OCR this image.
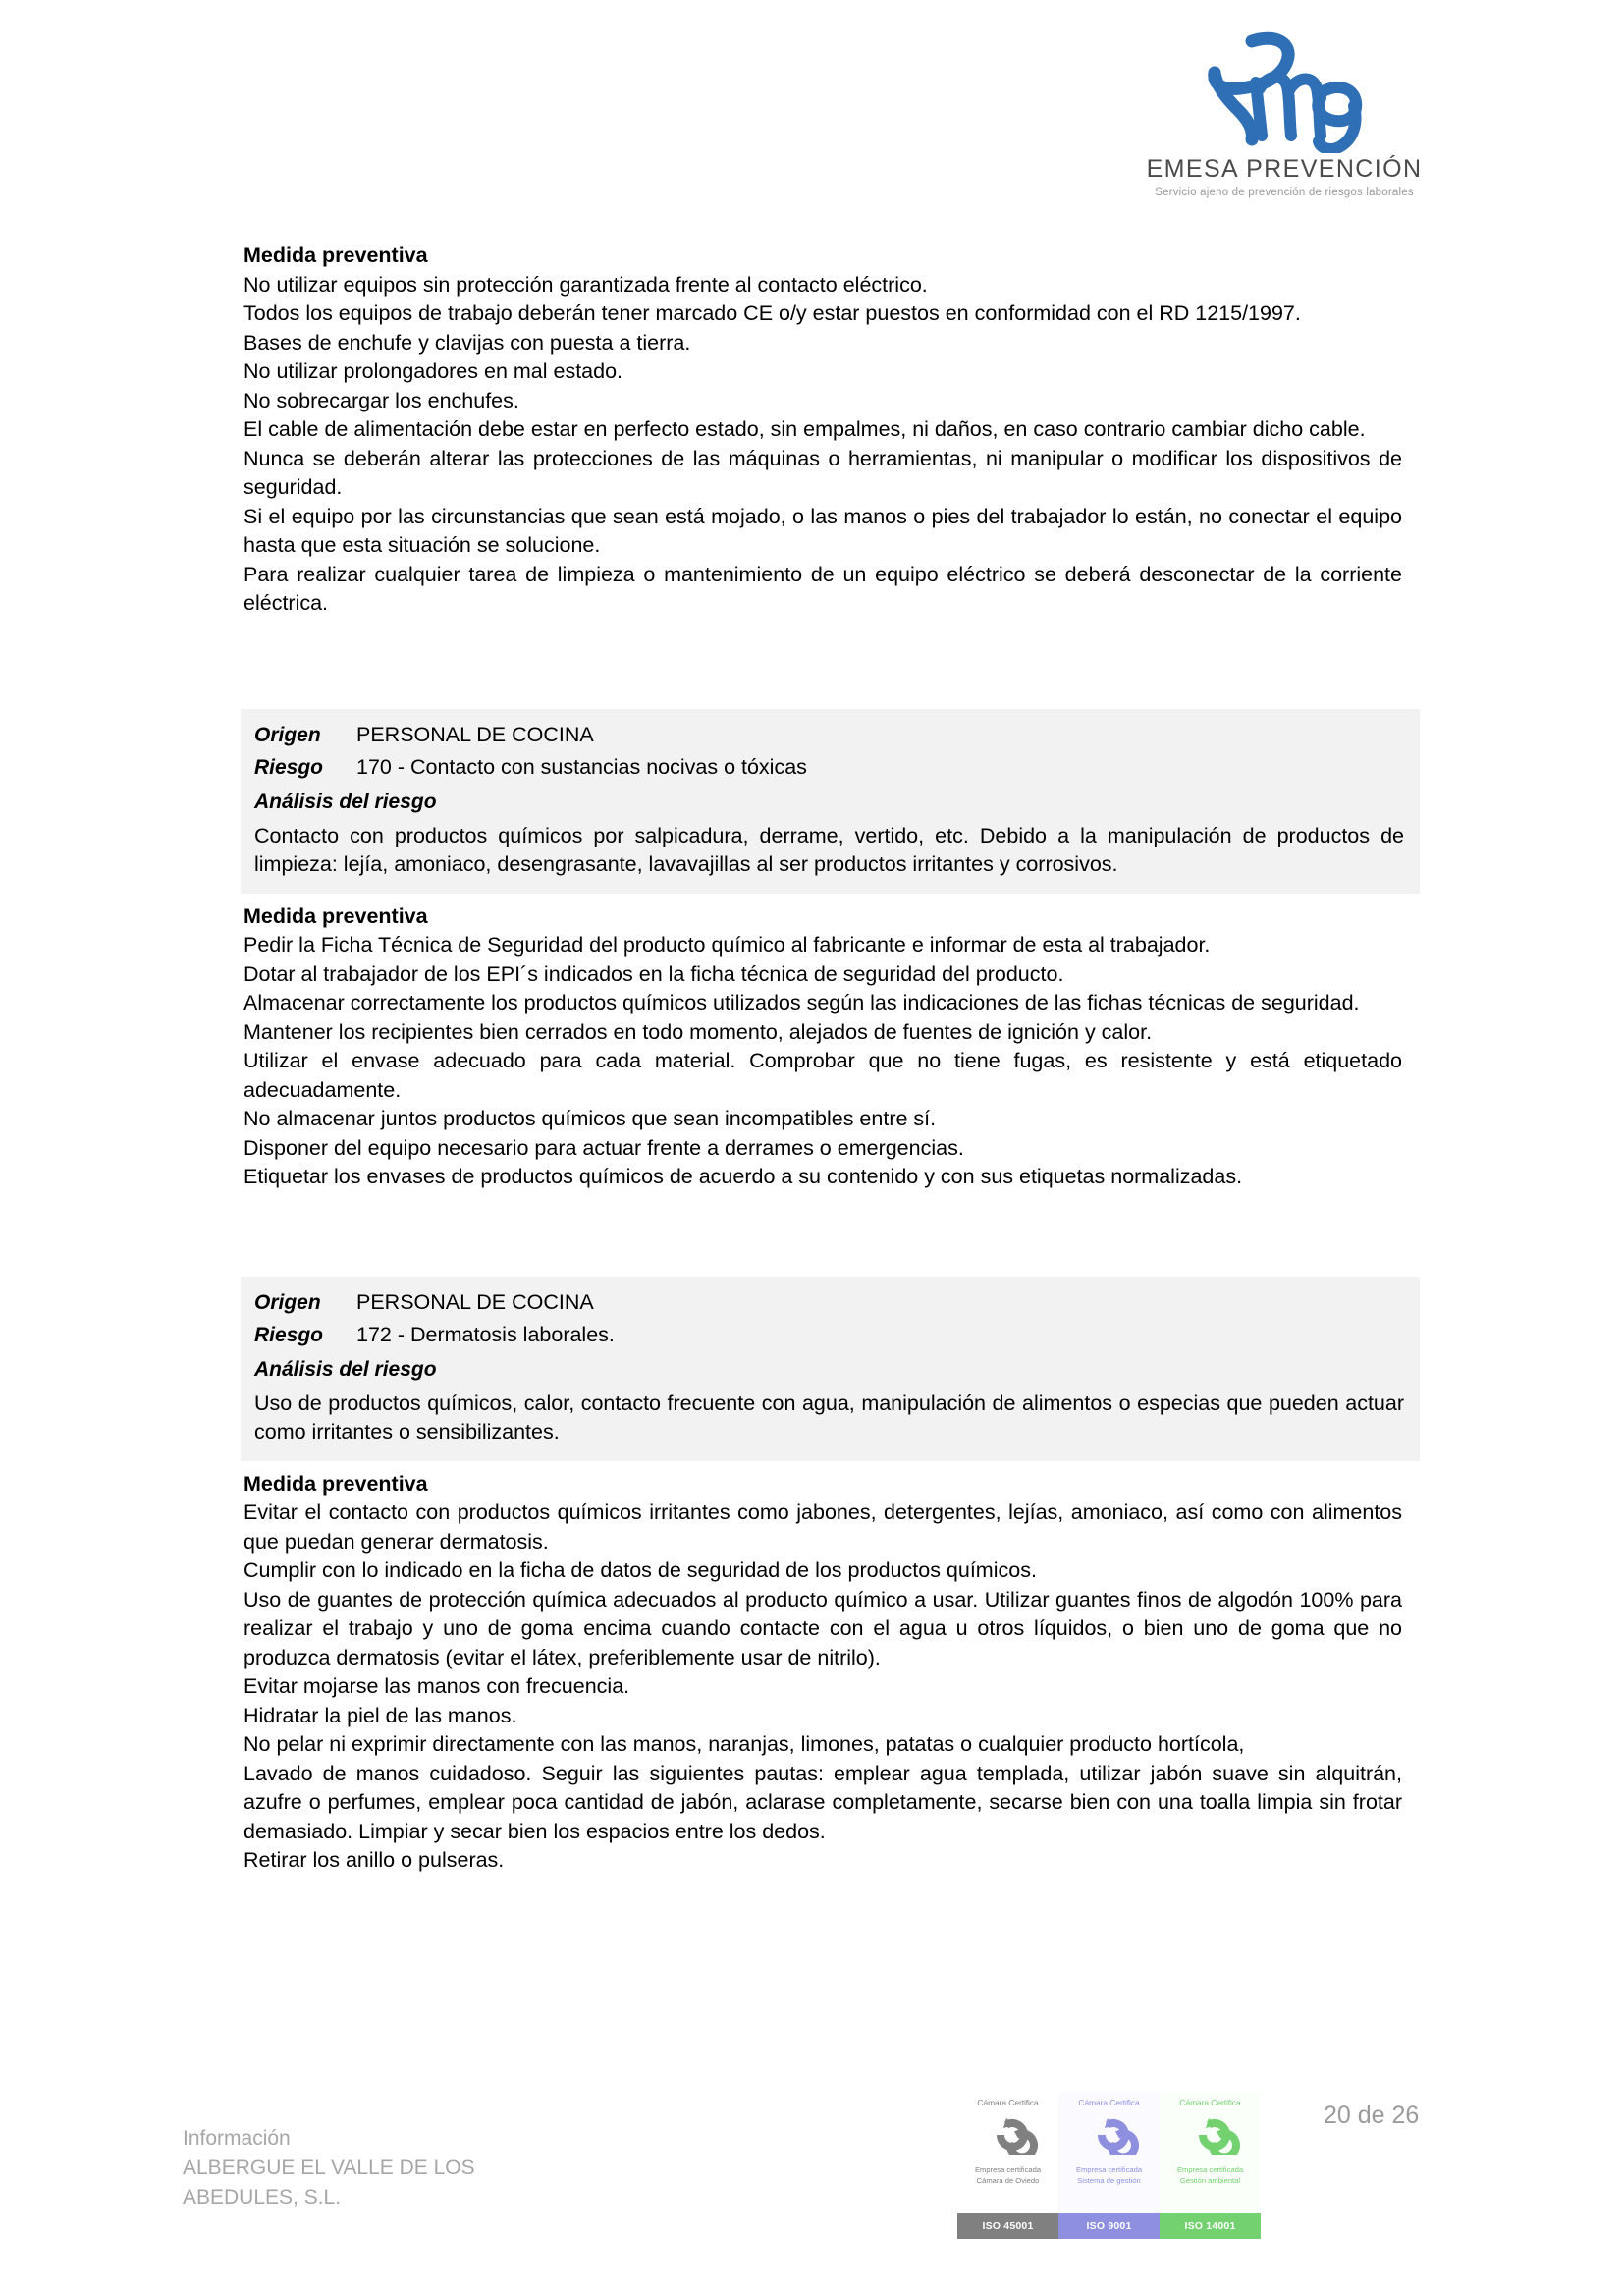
EMESA PREVENCIÓN
Servicio ajeno de prevención de riesgos laborales
Medida preventiva
No utilizar equipos sin protección garantizada frente al contacto eléctrico.
Todos los equipos de trabajo deberán tener marcado CE o/y estar puestos en conformidad con el RD 1215/1997.
Bases de enchufe y clavijas con puesta a tierra.
No utilizar prolongadores en mal estado.
No sobrecargar los enchufes.
El cable de alimentación debe estar en perfecto estado, sin empalmes, ni daños, en caso contrario cambiar dicho cable.
Nunca se deberán alterar las protecciones de las máquinas o herramientas, ni manipular o modificar los dispositivos de seguridad.
Si el equipo por las circunstancias que sean está mojado, o las manos o pies del trabajador lo están, no conectar el equipo hasta que esta situación se solucione.
Para realizar cualquier tarea de limpieza o mantenimiento de un equipo eléctrico se deberá desconectar de la corriente eléctrica.
Origen	PERSONAL DE COCINA
Riesgo	170 - Contacto con sustancias nocivas o tóxicas
Análisis del riesgo
Contacto con productos químicos por salpicadura, derrame, vertido, etc. Debido a la manipulación de productos de limpieza: lejía, amoniaco, desengrasante, lavavajillas al ser productos irritantes y corrosivos.
Medida preventiva
Pedir la Ficha Técnica de Seguridad del producto químico al fabricante e informar de esta al trabajador.
Dotar al trabajador de los EPI´s indicados en la ficha técnica de seguridad del producto.
Almacenar correctamente los productos químicos utilizados según las indicaciones de las fichas técnicas de seguridad.
Mantener los recipientes bien cerrados en todo momento, alejados de fuentes de ignición y calor.
Utilizar el envase adecuado para cada material. Comprobar que no tiene fugas, es resistente y está etiquetado adecuadamente.
No almacenar juntos productos químicos que sean incompatibles entre sí.
Disponer del equipo necesario para actuar frente a derrames o emergencias.
Etiquetar los envases de productos químicos de acuerdo a su contenido y con sus etiquetas normalizadas.
Origen	PERSONAL DE COCINA
Riesgo	172 - Dermatosis laborales.
Análisis del riesgo
Uso de productos químicos, calor, contacto frecuente con agua, manipulación de alimentos o especias que pueden actuar como irritantes o sensibilizantes.
Medida preventiva
Evitar el contacto con productos químicos irritantes como jabones, detergentes, lejías, amoniaco, así como con alimentos que puedan generar dermatosis.
Cumplir con lo indicado en la ficha de datos de seguridad de los productos químicos.
Uso de guantes de protección química adecuados al producto químico a usar. Utilizar guantes finos de algodón 100% para realizar el trabajo y uno de goma encima cuando contacte con el agua u otros líquidos, o bien uno de goma que no produzca dermatosis (evitar el látex, preferiblemente usar de nitrilo).
Evitar mojarse las manos con frecuencia.
Hidratar la piel de las manos.
No pelar ni exprimir directamente con las manos, naranjas, limones, patatas o cualquier producto hortícola,
Lavado de manos cuidadoso. Seguir las siguientes pautas: emplear agua templada, utilizar jabón suave sin alquitrán, azufre o perfumes, emplear poca cantidad de jabón, aclarase completamente, secarse bien con una toalla limpia sin frotar demasiado. Limpiar y secar bien los espacios entre los dedos.
Retirar los anillo o pulseras.
Información
ALBERGUE EL VALLE DE LOS
ABEDULES, S.L.
Cámara Certifica
Empresa certificada
Cámara de Oviedo
ISO 45001
Cámara Certifica
Empresa certificada
Sistema de gestión
ISO 9001
Cámara Certifica
Empresa certificada
Gestión ambiental
ISO 14001
20 de 26
